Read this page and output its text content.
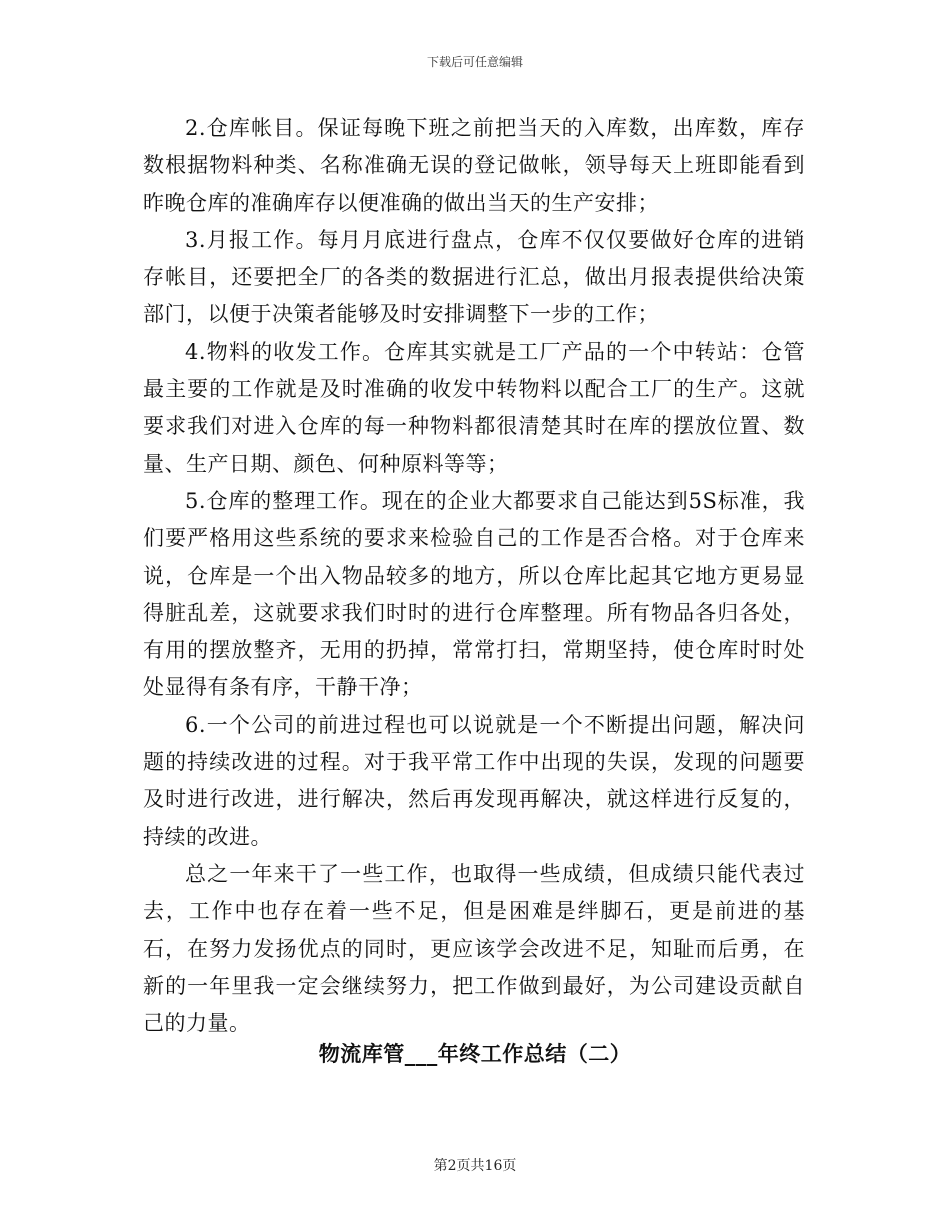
下载后可任意编辑

2.仓库帐目。保证每晚下班之前把当天的入库数，出库数，库存数根据物料种类、名称准确无误的登记做帐，领导每天上班即能看到昨晚仓库的准确库存以便准确的做出当天的生产安排；

3.月报工作。每月月底进行盘点，仓库不仅仅要做好仓库的进销存帐目，还要把全厂的各类的数据进行汇总，做出月报表提供给决策部门，以便于决策者能够及时安排调整下一步的工作；

4.物料的收发工作。仓库其实就是工厂产品的一个中转站：仓管最主要的工作就是及时准确的收发中转物料以配合工厂的生产。这就要求我们对进入仓库的每一种物料都很清楚其时在库的摆放位置、数量、生产日期、颜色、何种原料等等；

5.仓库的整理工作。现在的企业大都要求自己能达到5S标准，我们要严格用这些系统的要求来检验自己的工作是否合格。对于仓库来说，仓库是一个出入物品较多的地方，所以仓库比起其它地方更易显得脏乱差，这就要求我们时时的进行仓库整理。所有物品各归各处，有用的摆放整齐，无用的扔掉，常常打扫，常期坚持，使仓库时时处处显得有条有序，干静干净；

6.一个公司的前进过程也可以说就是一个不断提出问题，解决问题的持续改进的过程。对于我平常工作中出现的失误，发现的问题要及时进行改进，进行解决，然后再发现再解决，就这样进行反复的，持续的改进。

总之一年来干了一些工作，也取得一些成绩，但成绩只能代表过去，工作中也存在着一些不足，但是困难是绊脚石，更是前进的基石，在努力发扬优点的同时，更应该学会改进不足，知耻而后勇，在新的一年里我一定会继续努力，把工作做到最好，为公司建设贡献自己的力量。

物流库管___年终工作总结（二）
第2页共16页
